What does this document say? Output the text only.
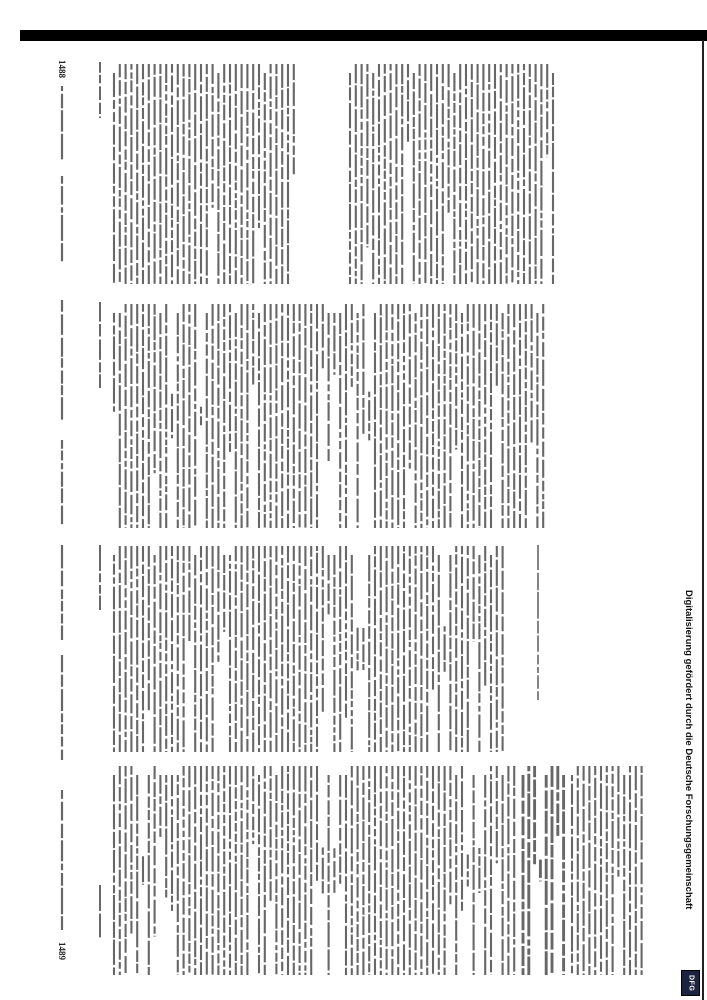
1488
1489
Digitalisierung gefördert durch die Deutsche Forschungsgemeinschaft
DFG
